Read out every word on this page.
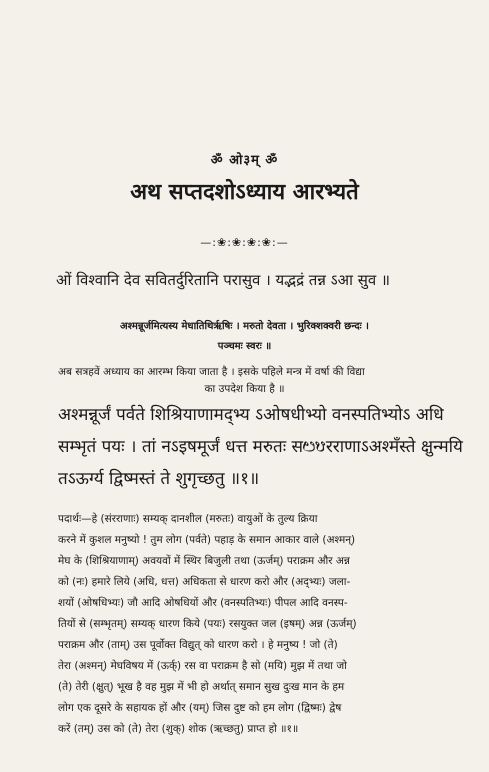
ॐ ओ३म् ॐ
अथ सप्तदशोऽध्याय आरभ्यते
—:❀:❀:❀:❀:—
ओं विश्वानि देव सवितर्दुरितानि परासुव । यद्भद्रं तन्न ऽआ सुव ॥
अश्मन्नूर्जमित्यस्य मेधातिथिर्ऋषिः । मरुतो देवता । भुरिक्शक्वरी छन्दः ।
पञ्चमः स्वरः ॥
अब सत्रहवें अध्याय का आरम्भ किया जाता है । इसके पहिले मन्त्र में वर्षा की विद्या
का उपदेश किया है ॥
अश्मन्नूर्जं पर्वते शिश्रियाणामद्भ्य ऽओषधीभ्यो वनस्पतिभ्योऽ अधि
सम्भृतं पयः । तां नऽइषमूर्जं धत्त मरुतः सᳩᳪरराणाऽअश्मँस्ते क्षुन्मयि
तऽऊर्ग्य द्विष्मस्तं ते शुगृच्छतु ॥१॥
पदार्थः—हे (संरराणाः) सम्यक् दानशील (मरुतः) वायुओं के तुल्य क्रिया
करने में कुशल मनुष्यो ! तुम लोग (पर्वते) पहाड़ के समान आकार वाले (अश्मन्)
मेघ के (शिश्रियाणाम्) अवयवों में स्थिर बिजुली तथा (ऊर्जम्) पराक्रम और अन्न
को (नः) हमारे लिये (अधि, धत्त) अधिकता से धारण करो और (अद्भ्यः) जला-
शयों (ओषधिभ्यः) जौ आदि ओषधियों और (वनस्पतिभ्यः) पीपल आदि वनस्प-
तियों से (सम्भृतम्) सम्यक् धारण किये (पयः) रसयुक्त जल (इषम्) अन्न (ऊर्जम्)
पराक्रम और (ताम्) उस पूर्वोक्त विद्युत् को धारण करो । हे मनुष्य ! जो (ते)
तेरा (अश्मन्) मेघविषय में (ऊर्क्) रस वा पराक्रम है सो (मयि) मुझ में तथा जो
(ते) तेरी (क्षुत्) भूख है वह मुझ में भी हो अर्थात् समान सुख दुःख मान के हम
लोग एक दूसरे के सहायक हों और (यम्) जिस दुष्ट को हम लोग (द्विष्मः) द्वेष
करें (तम्) उस को (ते) तेरा (शुक्) शोक (ऋच्छतु) प्राप्त हो ॥१॥
